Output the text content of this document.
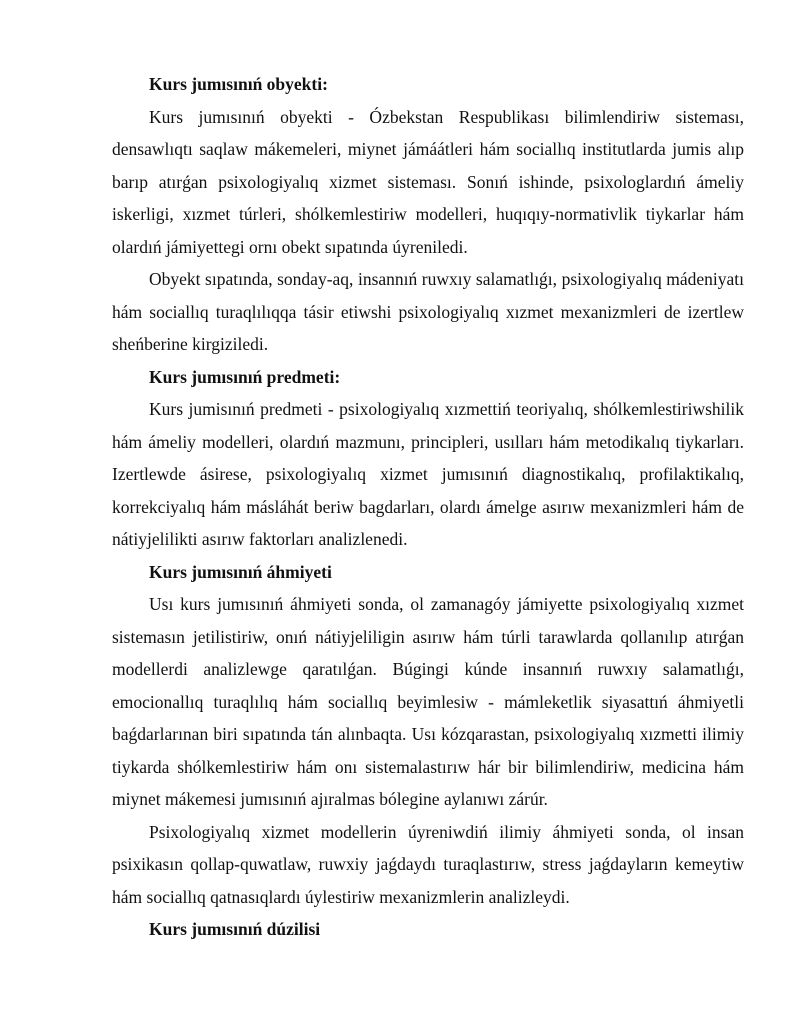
Kurs jumısınıń obyekti:

Kurs jumısınıń obyekti - Ózbekstan Respublikası bilimlendiriw sisteması, densawlıqtı saqlaw mákemeleri, miynet jámáátleri hám sociallıq institutlarda jumis alıp barıp atırǵan psixologiyalıq xizmet sisteması. Sonıń ishinde, psixologlardıń ámeliy iskerligi, xızmet túrleri, shólkemlestiriw modelleri, huqıqıy-normativlik tiykarlar hám olardıń jámiyettegi ornı obekt sıpatında úyreniledi.

Obyekt sıpatında, sonday-aq, insannıń ruwxıy salamatlıǵı, psixologiyalıq mádeniyatı hám sociallıq turaqlılıqqa tásir etiwshi psixologiyalıq xızmet mexanizmleri de izertlew sheńberine kirgiziledi.

Kurs jumısınıń predmeti:

Kurs jumisınıń predmeti - psixologiyalıq xızmettiń teoriyalıq, shólkemlestiriwshilik hám ámeliy modelleri, olardıń mazmunı, principleri, usılları hám metodikalıq tiykarları. Izertlewde ásirese, psixologiyalıq xizmet jumısınıń diagnostikalıq, profilaktikalıq, korrekciyalıq hám másláhát beriw bagdarları, olardı ámelge asırıw mexanizmleri hám de nátiyjelilikti asırıw faktorları analizlenedi.

Kurs jumısınıń áhmiyeti

Usı kurs jumısınıń áhmiyeti sonda, ol zamanagóy jámiyette psixologiyalıq xızmet sistemasın jetilistiriw, onıń nátiyjeliligin asırıw hám túrli tarawlarda qollanılıp atırǵan modellerdi analizlewge qaratılǵan. Búgingi kúnde insannıń ruwxıy salamatlıǵı, emocionallıq turaqlılıq hám sociallıq beyimlesiw - mámleketlik siyasattıń áhmiyetli baǵdarlarınan biri sıpatında tán alınbaqta. Usı kózqarastan, psixologiyalıq xızmetti ilimiy tiykarda shólkemlestiriw hám onı sistemalastırıw hár bir bilimlendiriw, medicina hám miynet mákemesi jumısınıń ajıralmas bólegine aylanıwı zárúr.

Psixologiyalıq xizmet modellerin úyreniwdiń ilimiy áhmiyeti sonda, ol insan psixikasın qollap-quwatlaw, ruwxiy jaǵdaydı turaqlastırıw, stress jaǵdayların kemeytiw hám sociallıq qatnasıqlardı úylestiriw mexanizmlerin analizleydi.

Kurs jumısınıń dúzilisi
